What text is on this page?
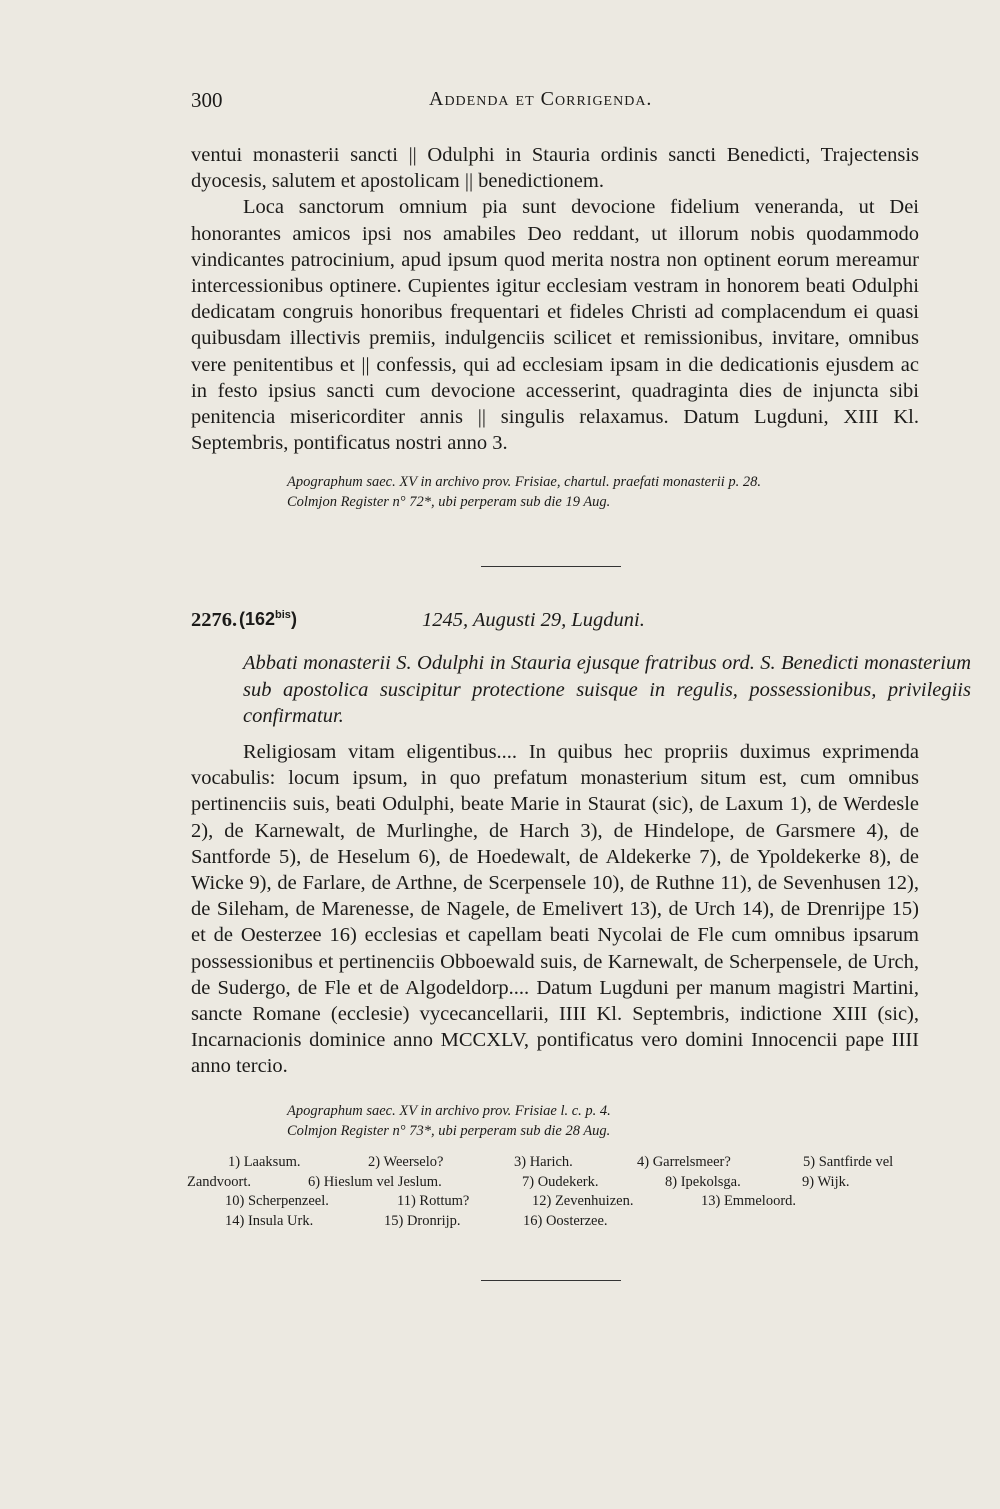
300	Addenda et Corrigenda.

ventui monasterii sancti || Odulphi in Stauria ordinis sancti Benedicti, Trajectensis dyocesis, salutem et apostolicam || benedictionem.

Loca sanctorum omnium pia sunt devocione fidelium veneranda, ut Dei honorantes amicos ipsi nos amabiles Deo reddant, ut illorum nobis quodammodo vindicantes patrocinium, apud ipsum quod merita nostra non optinent eorum mereamur intercessionibus optinere. Cupientes igitur ecclesiam vestram in honorem beati Odulphi dedicatam congruis honoribus frequentari et fideles Christi ad complacendum ei quasi quibusdam illectivis premiis, indulgenciis scilicet et remissionibus, invitare, omnibus vere penitentibus et || confessis, qui ad ecclesiam ipsam in die dedicationis ejusdem ac in festo ipsius sancti cum devocione accesserint, quadraginta dies de injuncta sibi penitencia misericorditer annis || singulis relaxamus. Datum Lugduni, XIII Kl. Septembris, pontificatus nostri anno 3.

Apographum saec. XV in archivo prov. Frisiae, chartul. praefati monasterii p. 28.
Colmjon Register n° 72*, ubi perperam sub die 19 Aug.
2276. $(162^{bis})$	1245, Augusti 29, Lugduni.
Abbati monasterii S. Odulphi in Stauria ejusque fratribus ord. S. Benedicti monasterium sub apostolica suscipitur protectione suisque in regulis, possessionibus, privilegiis confirmatur.
Religiosam vitam eligentibus.... In quibus hec propriis duximus exprimenda vocabulis: locum ipsum, in quo prefatum monasterium situm est, cum omnibus pertinenciis suis, beati Odulphi, beate Marie in Staurat (sic), de Laxum 1), de Werdesle 2), de Karnewalt, de Murlinghe, de Harch 3), de Hindelope, de Garsmere 4), de Santforde 5), de Heselum 6), de Hoedewalt, de Aldekerke 7), de Ypoldekerke 8), de Wicke 9), de Farlare, de Arthne, de Scerpensele 10), de Ruthne 11), de Sevenhusen 12), de Sileham, de Marenesse, de Nagele, de Emelivert 13), de Urch 14), de Drenrijpe 15) et de Oesterzee 16) ecclesias et capellam beati Nycolai de Fle cum omnibus ipsarum possessionibus et pertinenciis Obboewald suis, de Karnewalt, de Scherpensele, de Urch, de Sudergo, de Fle et de Algodeldorp.... Datum Lugduni per manum magistri Martini, sancte Romane (ecclesie) vycecancellarii, IIII Kl. Septembris, indictione XIII (sic), Incarnacionis dominice anno MCCXLV, pontificatus vero domini Innocencii pape IIII anno tercio.
Apographum saec. XV in archivo prov. Frisiae l. c. p. 4.
Colmjon Register n° 73*, ubi perperam sub die 28 Aug.
1) Laaksum.	2) Weerselo?	3) Harich.	4) Garrelsmeer?	5) Santfirde vel
Zandvoort.	6) Hieslum vel Jeslum.	7) Oudekerk.	8) Ipekolsga.	9) Wijk.
10) Scherpenzeel.	11) Rottum?	12) Zevenhuizen.	13) Emmeloord.
14) Insula Urk.	15) Dronrijp.	16) Oosterzee.
